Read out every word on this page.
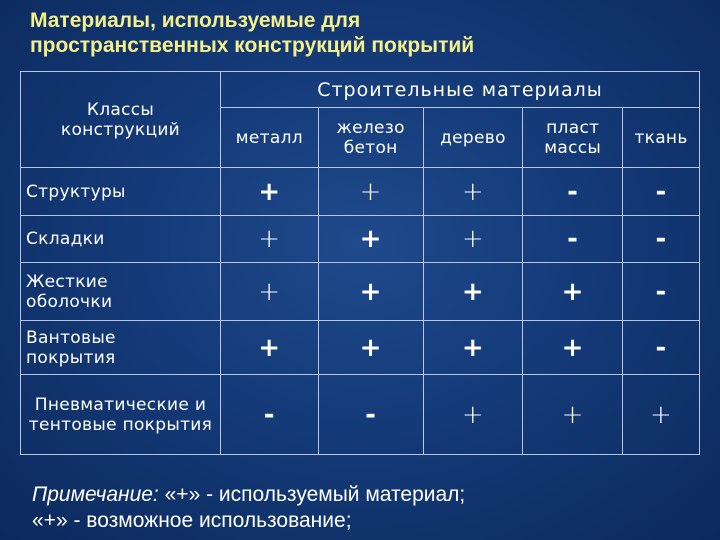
Материалы, используемые для
пространственных конструкций покрытий
Классы конструкций	Строительные материалы				
	металл	железо бетон	дерево	пласт массы	ткань
Структуры	+	+	+	-	-
Складки	+	+	+	-	-

Жесткие оболочки	+	+	+	+	-

Вантовые покрытия	+	+	+	+	-

Пневматические и тентовые покрытия	-	-	+	+	+
Примечание: «+» - используемый материал;
«+» - возможное использование;
